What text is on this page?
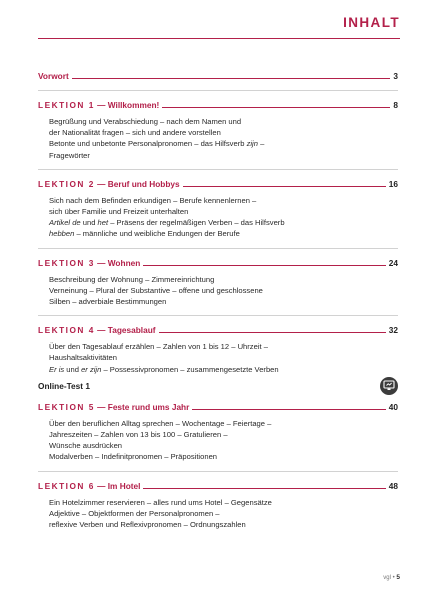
INHALT
Vorwort	3
LEKTION 1 — Willkommen!	8
Begrüßung und Verabschiedung – nach dem Namen und
der Nationalität fragen – sich und andere vorstellen
Betonte und unbetonte Personalpronomen – das Hilfsverb zijn –
Fragewörter
LEKTION 2 — Beruf und Hobbys	16
Sich nach dem Befinden erkundigen – Berufe kennenlernen –
sich über Familie und Freizeit unterhalten
Artikel de und het – Präsens der regelmäßigen Verben – das Hilfsverb
hebben – männliche und weibliche Endungen der Berufe
LEKTION 3 — Wohnen	24
Beschreibung der Wohnung – Zimmereinrichtung
Verneinung – Plural der Substantive – offene und geschlossene
Silben – adverbiale Bestimmungen
LEKTION 4 — Tagesablauf	32
Über den Tagesablauf erzählen – Zahlen von 1 bis 12 – Uhrzeit –
Haushaltsaktivitäten
Er is und er zijn – Possessivpronomen – zusammengesetzte Verben
Online-Test 1
LEKTION 5 — Feste rund ums Jahr	40
Über den beruflichen Alltag sprechen – Wochentage – Feiertage –
Jahreszeiten – Zahlen von 13 bis 100 – Gratulieren –
Wünsche ausdrücken
Modalverben – Indefinitpronomen – Präpositionen
LEKTION 6 — Im Hotel	48
Ein Hotelzimmer reservieren – alles rund ums Hotel – Gegensätze
Adjektive – Objektformen der Personalpronomen –
reflexive Verben und Reflexivpronomen – Ordnungszahlen
vgl • 5
